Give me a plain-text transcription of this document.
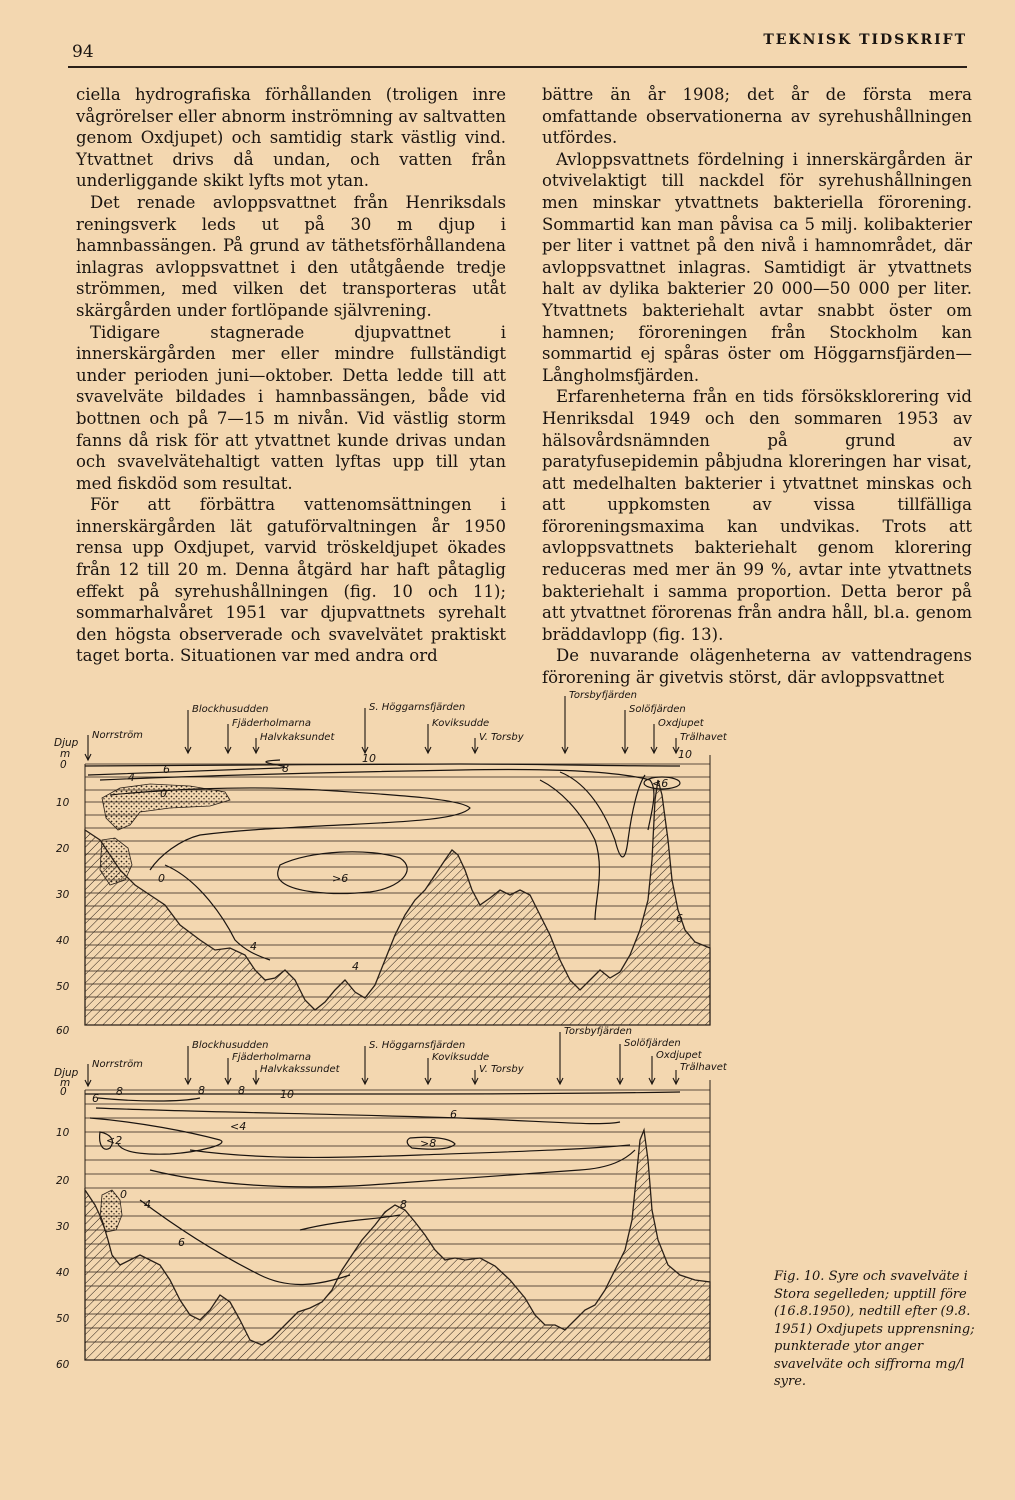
94
TEKNISK TIDSKRIFT

ciella hydrografiska förhållanden (troligen inre vågrörelser eller abnorm inströmning av saltvatten genom Oxdjupet) och samtidig stark västlig vind. Ytvattnet drivs då undan, och vatten från underliggande skikt lyfts mot ytan.

Det renade avloppsvattnet från Henriksdals reningsverk leds ut på 30 m djup i hamnbassängen. På grund av täthetsförhållandena inlagras avloppsvattnet i den utåtgående tredje strömmen, med vilken det transporteras utåt skärgården under fortlöpande självrening.

Tidigare stagnerade djupvattnet i innerskärgården mer eller mindre fullständigt under perioden juni—oktober. Detta ledde till att svavelväte bildades i hamnbassängen, både vid bottnen och på 7—15 m nivån. Vid västlig storm fanns då risk för att ytvattnet kunde drivas undan och svavelvätehaltigt vatten lyftas upp till ytan med fiskdöd som resultat.

För att förbättra vattenomsättningen i innerskärgården lät gatuförvaltningen år 1950 rensa upp Oxdjupet, varvid tröskeldjupet ökades från 12 till 20 m. Denna åtgärd har haft påtaglig effekt på syrehushållningen (fig. 10 och 11); sommarhalvåret 1951 var djupvattnets syrehalt den högsta observerade och svavelvätet praktiskt taget borta. Situationen var med andra ord

bättre än år 1908; det år de första mera omfattande observationerna av syrehushållningen utfördes.

Avloppsvattnets fördelning i innerskärgården är otvivelaktigt till nackdel för syrehushållningen men minskar ytvattnets bakteriella förorening. Sommartid kan man påvisa ca 5 milj. kolibakterier per liter i vattnet på den nivå i hamnområdet, där avloppsvattnet inlagras. Samtidigt är ytvattnets halt av dylika bakterier 20 000—50 000 per liter. Ytvattnets bakteriehalt avtar snabbt öster om hamnen; föroreningen från Stockholm kan sommartid ej spåras öster om Höggarnsfjärden—Långholmsfjärden.

Erfarenheterna från en tids försöksklorering vid Henriksdal 1949 och den sommaren 1953 av hälsovårdsnämnden på grund av paratyfusepidemin påbjudna kloreringen har visat, att medelhalten bakterier i ytvattnet minskas och att uppkomsten av vissa tillfälliga föroreningsmaxima kan undvikas. Trots att avloppsvattnets bakteriehalt genom klorering reduceras med mer än 99 %, avtar inte ytvattnets bakteriehalt i samma proportion. Detta beror på att ytvattnet förorenas från andra håll, bl.a. genom bräddavlopp (fig. 13).

De nuvarande olägenheterna av vattendragens förorening är givetvis störst, där avloppsvattnet

6
4
8
10	10
<6
0
>6
0
4
4
6
Djup
m
0
10
20
30
40
50
60
Norrström
Blockhusudden
Fjäderholmarna
Halvkaksundet
S. Höggarnsfjärden
Koviksudde
V. Torsby
Torsbyfjärden
Solöfjärden
Oxdjupet
Trälhavet
6
8	8	8	10
<4
6
>8
<2
0
4
6
8
Djup
m
0
10
20
30
40
50
60
Norrström
Blockhusudden
Fjäderholmarna
Halvkakssundet
S. Höggarnsfjärden
Koviksudde
V. Torsby
Torsbyfjärden
Solöfjärden
Oxdjupet
Trälhavet
Fig. 10. Syre och svavelväte i Stora segelleden; upptill före (16.8.1950), nedtill efter (9.8. 1951) Oxdjupets upprensning; punkterade ytor anger svavelväte och siffrorna mg/l syre.
